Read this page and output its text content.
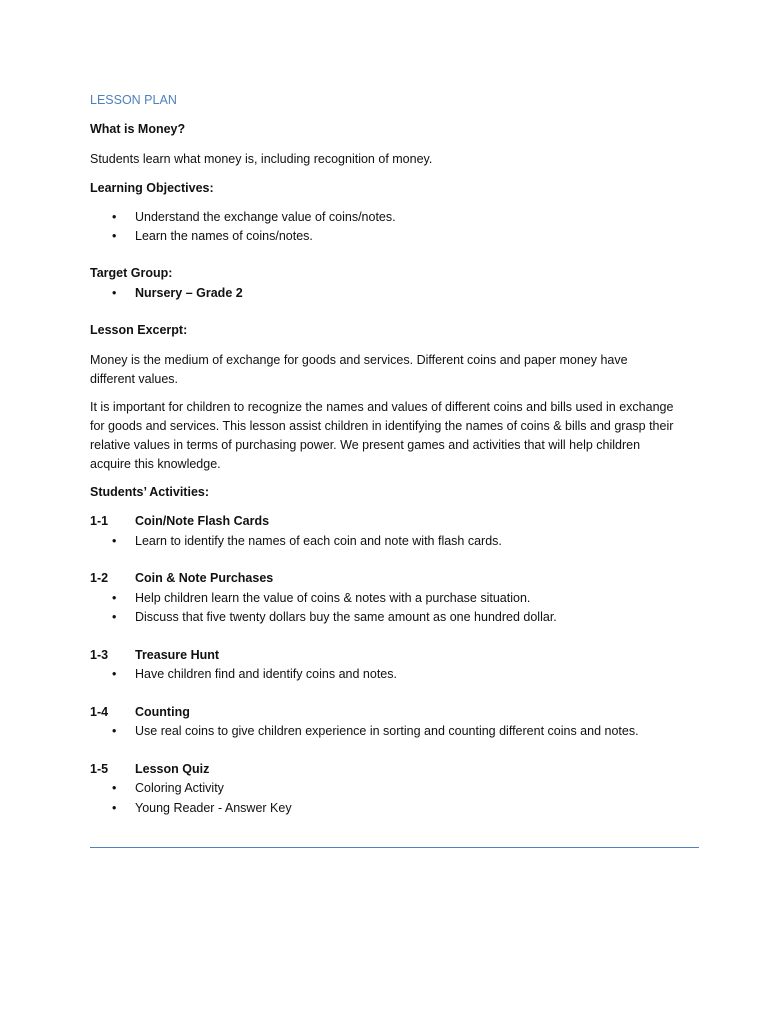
LESSON PLAN
What is Money?
Students learn what money is, including recognition of money.
Learning Objectives:
• Understand the exchange value of coins/notes.
• Learn the names of coins/notes.
Target Group:
• Nursery – Grade 2
Lesson Excerpt:
Money is the medium of exchange for goods and services. Different coins and paper money have different values.
It is important for children to recognize the names and values of different coins and bills used in exchange for goods and services. This lesson assist children in identifying the names of coins & bills and grasp their relative values in terms of purchasing power. We present games and activities that will help children acquire this knowledge.
Students’ Activities:
1-1 Coin/Note Flash Cards
• Learn to identify the names of each coin and note with flash cards.
1-2 Coin & Note Purchases
• Help children learn the value of coins & notes with a purchase situation.
• Discuss that five twenty dollars buy the same amount as one hundred dollar.
1-3 Treasure Hunt
• Have children find and identify coins and notes.
1-4 Counting
• Use real coins to give children experience in sorting and counting different coins and notes.
1-5 Lesson Quiz
• Coloring Activity
• Young Reader - Answer Key
